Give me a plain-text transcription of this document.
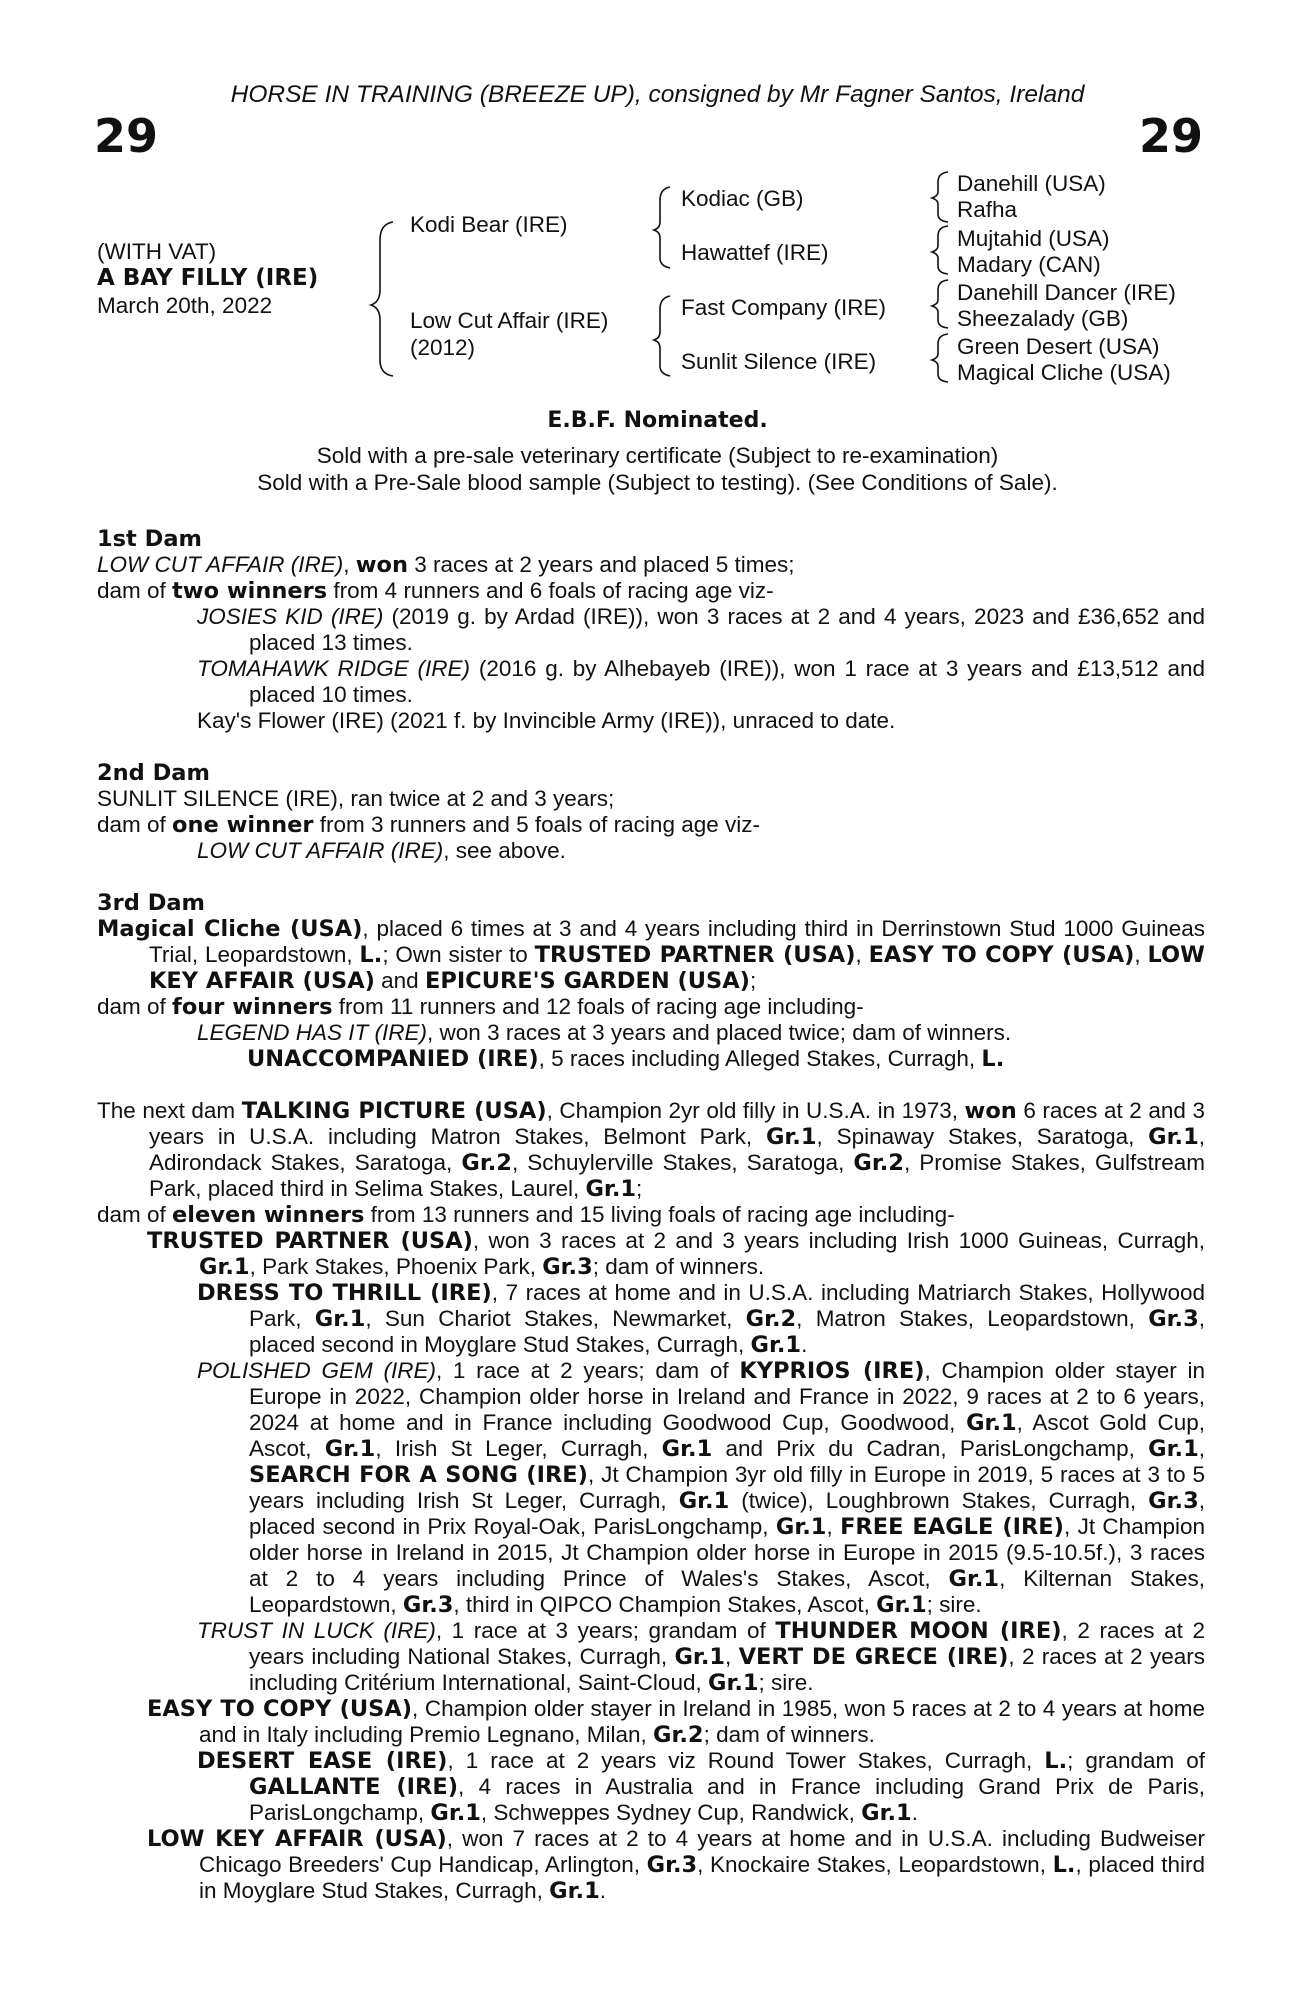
HORSE IN TRAINING (BREEZE UP), consigned by Mr Fagner Santos, Ireland
29	29
(WITH VAT)
A BAY FILLY (IRE)
March 20th, 2022
Kodi Bear (IRE)
Low Cut Affair (IRE)
(2012)
Kodiac (GB)
Hawattef (IRE)
Fast Company (IRE)
Sunlit Silence (IRE)
Danehill (USA)
Rafha
Mujtahid (USA)
Madary (CAN)
Danehill Dancer (IRE)
Sheezalady (GB)
Green Desert (USA)
Magical Cliche (USA)
E.B.F. Nominated.
Sold with a pre-sale veterinary certificate (Subject to re-examination)
Sold with a Pre-Sale blood sample (Subject to testing). (See Conditions of Sale).

1st Dam

LOW CUT AFFAIR (IRE), won 3 races at 2 years and placed 5 times;

dam of two winners from 4 runners and 6 foals of racing age viz-

JOSIES KID (IRE) (2019 g. by Ardad (IRE)), won 3 races at 2 and 4 years, 2023 and £36,652 and placed 13 times.

TOMAHAWK RIDGE (IRE) (2016 g. by Alhebayeb (IRE)), won 1 race at 3 years and £13,512 and placed 10 times.

Kay's Flower (IRE) (2021 f. by Invincible Army (IRE)), unraced to date.

2nd Dam

SUNLIT SILENCE (IRE), ran twice at 2 and 3 years;

dam of one winner from 3 runners and 5 foals of racing age viz-

LOW CUT AFFAIR (IRE), see above.

3rd Dam

Magical Cliche (USA), placed 6 times at 3 and 4 years including third in Derrinstown Stud 1000 Guineas Trial, Leopardstown, L.; Own sister to TRUSTED PARTNER (USA), EASY TO COPY (USA), LOW KEY AFFAIR (USA) and EPICURE'S GARDEN (USA);

dam of four winners from 11 runners and 12 foals of racing age including-

LEGEND HAS IT (IRE), won 3 races at 3 years and placed twice; dam of winners.

UNACCOMPANIED (IRE), 5 races including Alleged Stakes, Curragh, L.

The next dam TALKING PICTURE (USA), Champion 2yr old filly in U.S.A. in 1973, won 6 races at 2 and 3 years in U.S.A. including Matron Stakes, Belmont Park, Gr.1, Spinaway Stakes, Saratoga, Gr.1, Adirondack Stakes, Saratoga, Gr.2, Schuylerville Stakes, Saratoga, Gr.2, Promise Stakes, Gulfstream Park, placed third in Selima Stakes, Laurel, Gr.1;

dam of eleven winners from 13 runners and 15 living foals of racing age including-

TRUSTED PARTNER (USA), won 3 races at 2 and 3 years including Irish 1000 Guineas, Curragh, Gr.1, Park Stakes, Phoenix Park, Gr.3; dam of winners.

DRESS TO THRILL (IRE), 7 races at home and in U.S.A. including Matriarch Stakes, Hollywood Park, Gr.1, Sun Chariot Stakes, Newmarket, Gr.2, Matron Stakes, Leopardstown, Gr.3, placed second in Moyglare Stud Stakes, Curragh, Gr.1.

POLISHED GEM (IRE), 1 race at 2 years; dam of KYPRIOS (IRE), Champion older stayer in Europe in 2022, Champion older horse in Ireland and France in 2022, 9 races at 2 to 6 years, 2024 at home and in France including Goodwood Cup, Goodwood, Gr.1, Ascot Gold Cup, Ascot, Gr.1, Irish St Leger, Curragh, Gr.1 and Prix du Cadran, ParisLongchamp, Gr.1, SEARCH FOR A SONG (IRE), Jt Champion 3yr old filly in Europe in 2019, 5 races at 3 to 5 years including Irish St Leger, Curragh, Gr.1 (twice), Loughbrown Stakes, Curragh, Gr.3, placed second in Prix Royal-Oak, ParisLongchamp, Gr.1, FREE EAGLE (IRE), Jt Champion older horse in Ireland in 2015, Jt Champion older horse in Europe in 2015 (9.5-10.5f.), 3 races at 2 to 4 years including Prince of Wales's Stakes, Ascot, Gr.1, Kilternan Stakes, Leopardstown, Gr.3, third in QIPCO Champion Stakes, Ascot, Gr.1; sire.

TRUST IN LUCK (IRE), 1 race at 3 years; grandam of THUNDER MOON (IRE), 2 races at 2 years including National Stakes, Curragh, Gr.1, VERT DE GRECE (IRE), 2 races at 2 years including Critérium International, Saint-Cloud, Gr.1; sire.

EASY TO COPY (USA), Champion older stayer in Ireland in 1985, won 5 races at 2 to 4 years at home and in Italy including Premio Legnano, Milan, Gr.2; dam of winners.

DESERT EASE (IRE), 1 race at 2 years viz Round Tower Stakes, Curragh, L.; grandam of GALLANTE (IRE), 4 races in Australia and in France including Grand Prix de Paris, ParisLongchamp, Gr.1, Schweppes Sydney Cup, Randwick, Gr.1.

LOW KEY AFFAIR (USA), won 7 races at 2 to 4 years at home and in U.S.A. including Budweiser Chicago Breeders' Cup Handicap, Arlington, Gr.3, Knockaire Stakes, Leopardstown, L., placed third in Moyglare Stud Stakes, Curragh, Gr.1.
